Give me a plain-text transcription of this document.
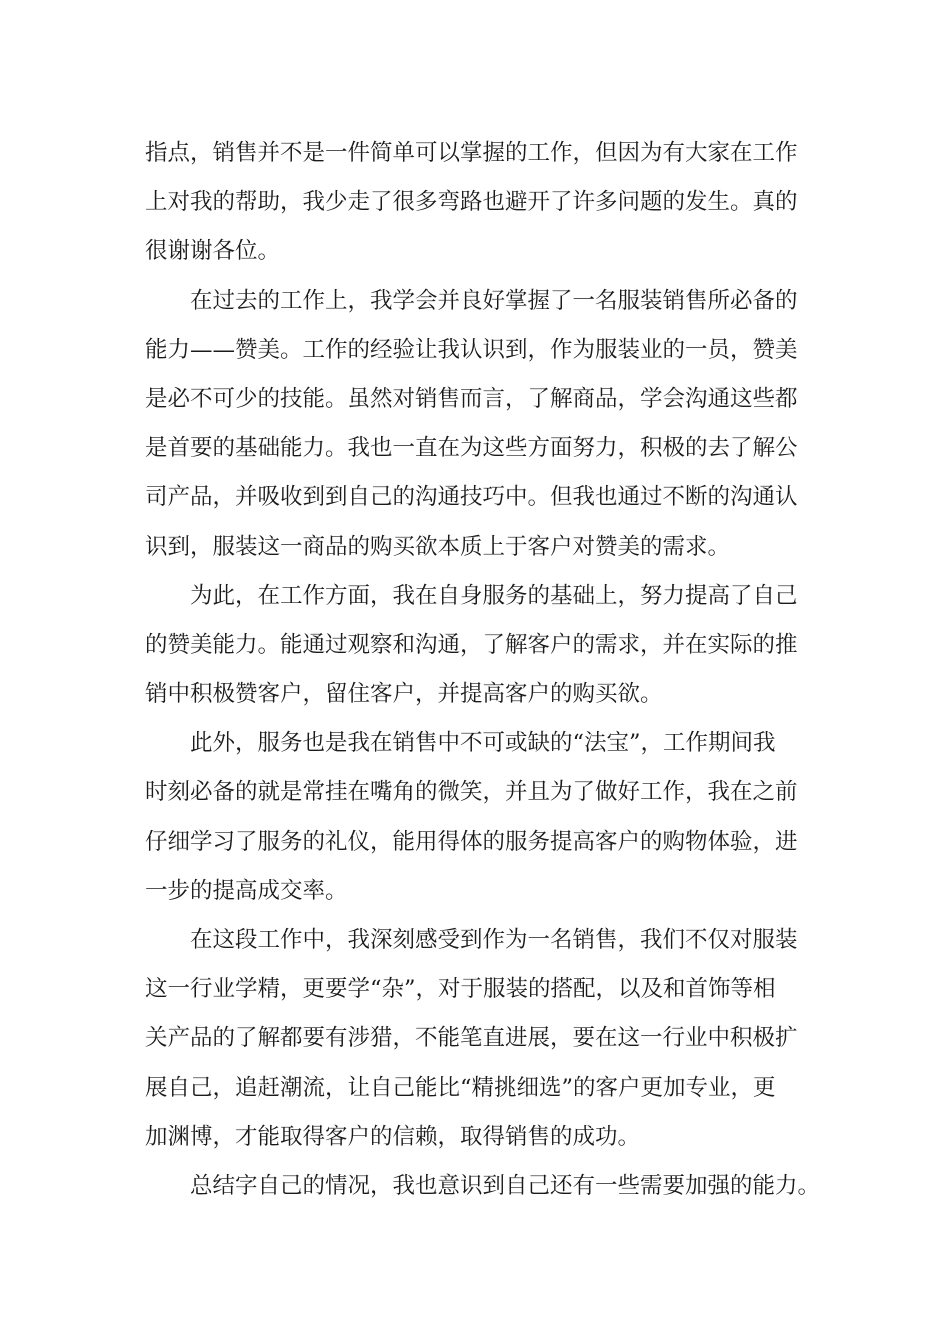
指点，销售并不是一件简单可以掌握的工作，但因为有大家在工作
上对我的帮助，我少走了很多弯路也避开了许多问题的发生。真的
很谢谢各位。
在过去的工作上，我学会并良好掌握了一名服装销售所必备的
能力——赞美。工作的经验让我认识到，作为服装业的一员，赞美
是必不可少的技能。虽然对销售而言，了解商品，学会沟通这些都
是首要的基础能力。我也一直在为这些方面努力，积极的去了解公
司产品，并吸收到到自己的沟通技巧中。但我也通过不断的沟通认
识到，服装这一商品的购买欲本质上于客户对赞美的需求。
为此，在工作方面，我在自身服务的基础上，努力提高了自己
的赞美能力。能通过观察和沟通，了解客户的需求，并在实际的推
销中积极赞客户，留住客户，并提高客户的购买欲。
此外，服务也是我在销售中不可或缺的“法宝”，工作期间我
时刻必备的就是常挂在嘴角的微笑，并且为了做好工作，我在之前
仔细学习了服务的礼仪，能用得体的服务提高客户的购物体验，进
一步的提高成交率。
在这段工作中，我深刻感受到作为一名销售，我们不仅对服装
这一行业学精，更要学“杂”，对于服装的搭配，以及和首饰等相
关产品的了解都要有涉猎，不能笔直进展，要在这一行业中积极扩
展自己，追赶潮流，让自己能比“精挑细选”的客户更加专业，更
加渊博，才能取得客户的信赖，取得销售的成功。
总结字自己的情况，我也意识到自己还有一些需要加强的能力。
